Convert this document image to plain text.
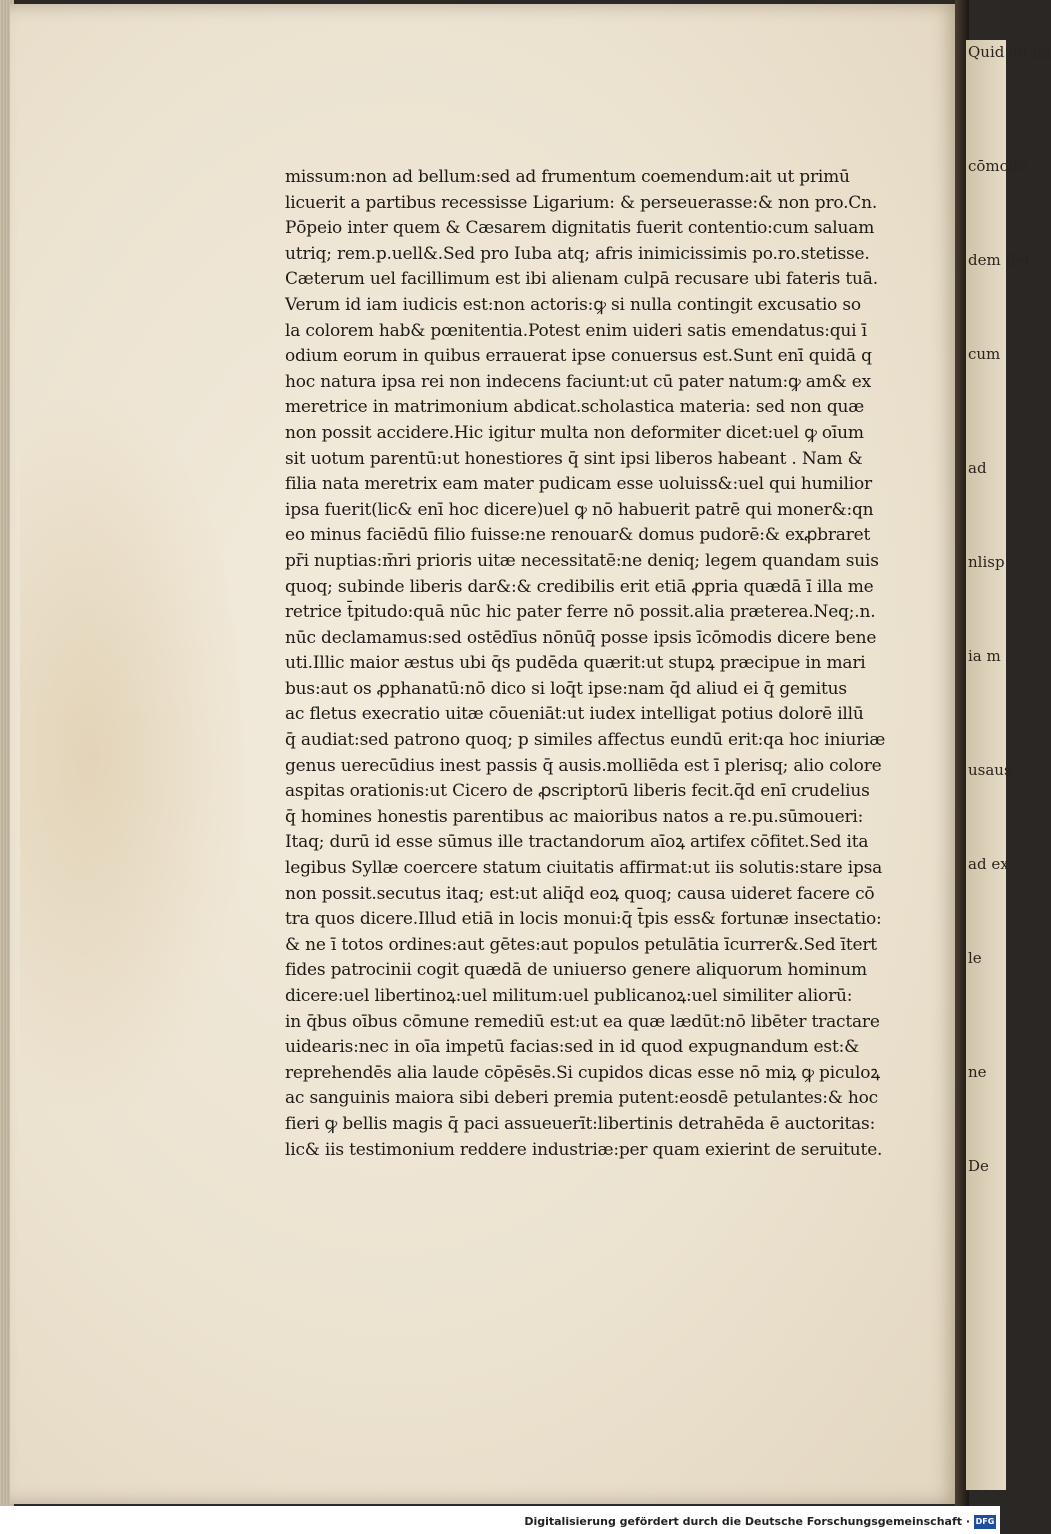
missum:non ad bellum:sed ad frumentum coemendum:ait ut primū
licuerit a partibus recessisse Ligarium: & perseuerasse:& non pro.Cn.
Pōpeio inter quem & Cæsarem dignitatis fuerit contentio:cum saluam
utriq; rem.p.uell&.Sed pro Iuba atq; afris inimicissimis po.ro.stetisse.
Cæterum uel facillimum est ibi alienam culpā recusare ubi fateris tuā.
Verum id iam iudicis est:non actoris:ꝙ si nulla contingit excusatio so
la colorem hab& pœnitentia.Potest enim uideri satis emendatus:qui ī
odium eorum in quibus errauerat ipse conuersus est.Sunt enī quidā q
hoc natura ipsa rei non indecens faciunt:ut cū pater natum:ꝙ am& ex
meretrice in matrimonium abdicat.scholastica materia: sed non quæ
non possit accidere.Hic igitur multa non deformiter dicet:uel ꝙ oīum
sit uotum parentū:ut honestiores q̄ sint ipsi liberos habeant . Nam &
filia nata meretrix eam mater pudicam esse uoluiss&:uel qui humilior
ipsa fuerit(lic& enī hoc dicere)uel ꝙ nō habuerit patrē qui moner&:qn
eo minus faciēdū filio fuisse:ne renouar& domus pudorē:& exꝓbraret
pr̄i nuptias:m̄ri prioris uitæ necessitatē:ne deniq; legem quandam suis
quoq; subinde liberis dar&:& credibilis erit etiā ꝓpria quædā ī illa me
retrice t̄pitudo:quā nūc hic pater ferre nō possit.alia præterea.Neq;.n.
nūc declamamus:sed ostēdīus nōnūq̄ posse ipsis īcōmodis dicere bene
uti.Illic maior æstus ubi q̄s pudēda quærit:ut stupꝝ præcipue in mari
bus:aut os ꝓphanatū:nō dico si loq̄t ipse:nam q̄d aliud ei q̄ gemitus
ac fletus execratio uitæ cōueniāt:ut iudex intelligat potius dolorē illū
q̄ audiat:sed patrono quoq; p similes affectus eundū erit:qa hoc iniuriæ
genus uerecūdius inest passis q̄ ausis.molliēda est ī plerisq; alio colore
aspitas orationis:ut Cicero de ꝓscriptorū liberis fecit.q̄d enī crudelius
q̄ homines honestis parentibus ac maioribus natos a re.pu.sūmoueri:
Itaq; durū id esse sūmus ille tractandorum aīoꝝ artifex cōfitet.Sed ita
legibus Syllæ coercere statum ciuitatis affirmat:ut iis solutis:stare ipsa
non possit.secutus itaq; est:ut aliq̄d eoꝝ quoq; causa uideret facere cō
tra quos dicere.Illud etiā in locis monui:q̄ t̄pis ess& fortunæ insectatio:
& ne ī totos ordines:aut gētes:aut populos petulātia īcurrer&.Sed ītert
fides patrocinii cogit quædā de uniuerso genere aliquorum hominum
dicere:uel libertinoꝝ:uel militum:uel publicanoꝝ:uel similiter aliorū:
in q̄bus oībus cōmune remediū est:ut ea quæ lædūt:nō libēter tractare
uidearis:nec in oīa impetū facias:sed in id quod expugnandum est:&
reprehendēs alia laude cōpēsēs.Si cupidos dicas esse nō miꝝ ꝙ piculoꝝ
ac sanguinis maiora sibi deberi premia putent:eosdē petulantes:& hoc
fieri ꝙ bellis magis q̄ paci assueuerīt:libertinis detrahēda ē auctoritas:
lic& iis testimonium reddere industriæ:per quam exierint de seruitute.
Quid ad na
cōmodo
dem fiet
cum
ad
nlisp
ia m
usaus
ad ex
le
ne
De
Digitalisierung gefördert durch die Deutsche Forschungsgemeinschaft · DFG
